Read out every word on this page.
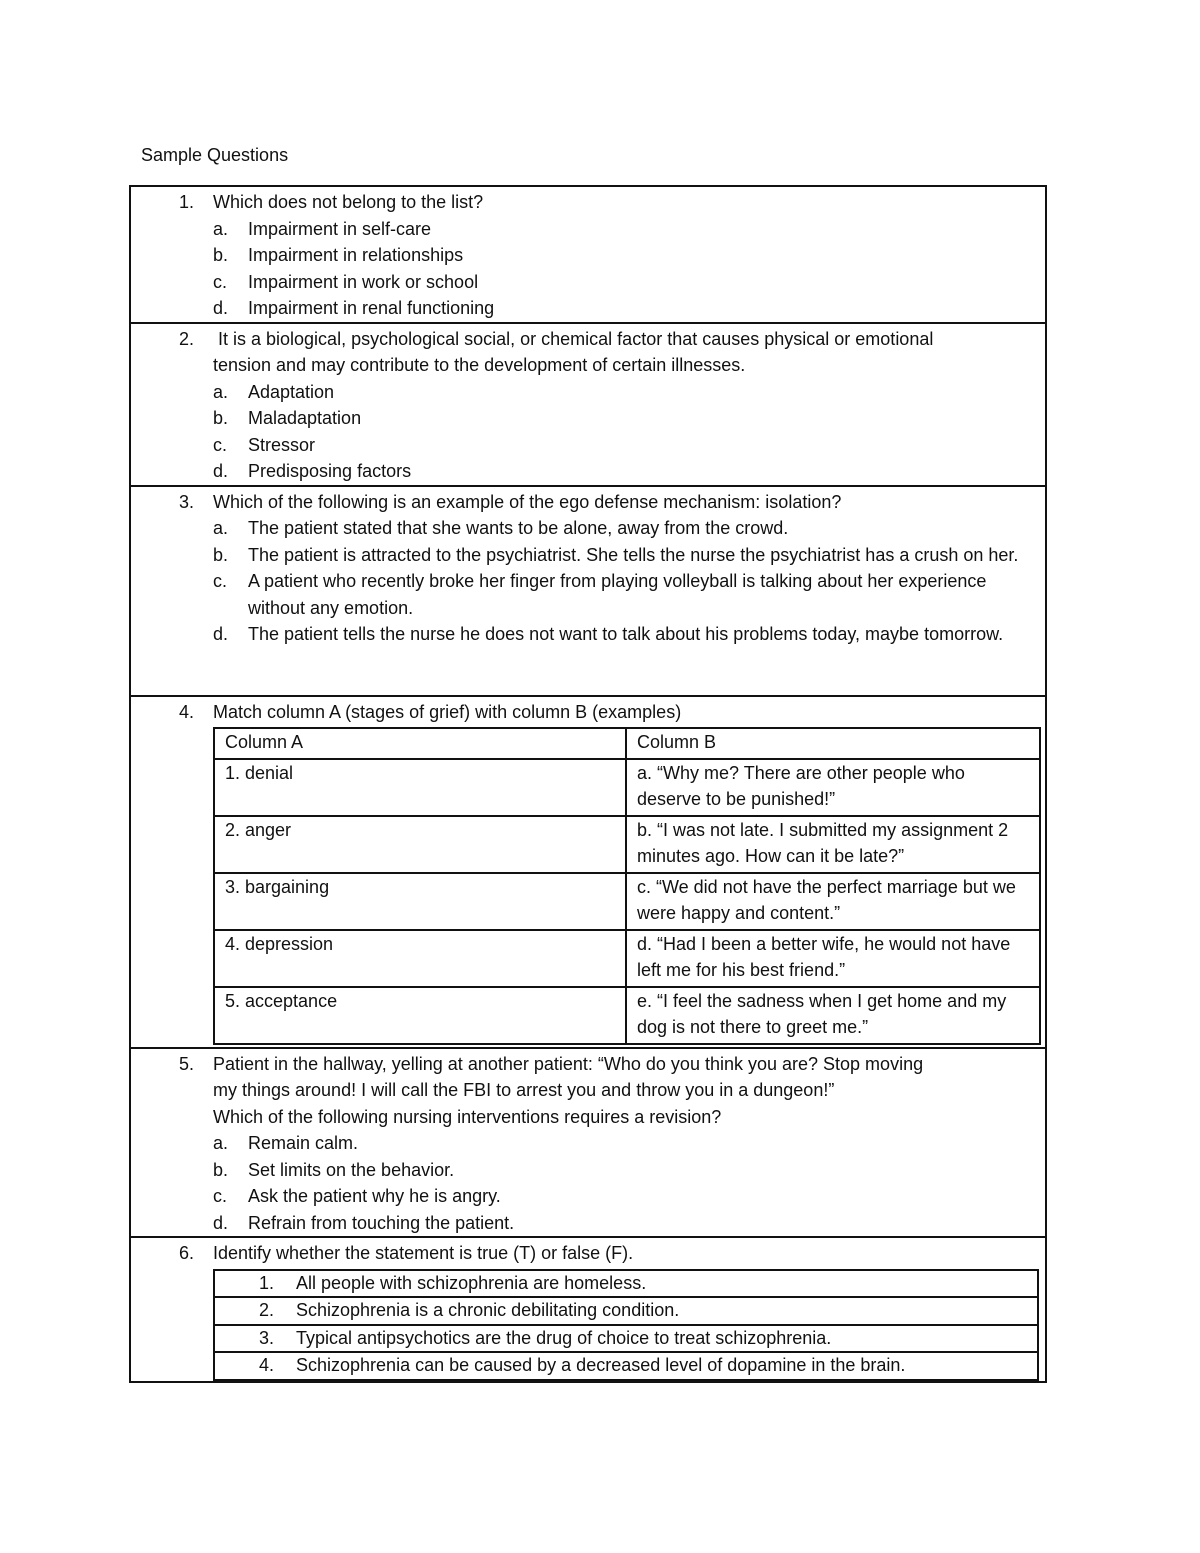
Sample Questions
1.	Which does not belong to the list?
a.	Impairment in self-care
b.	Impairment in relationships
c.	Impairment in work or school
d.	Impairment in renal functioning

2.	It is a biological, psychological social, or chemical factor that causes physical or emotional
tension and may contribute to the development of certain illnesses.
a.	Adaptation
b.	Maladaptation
c.	Stressor
d.	Predisposing factors

3.	Which of the following is an example of the ego defense mechanism: isolation?
a.	The patient stated that she wants to be alone, away from the crowd.
b.	The patient is attracted to the psychiatrist. She tells the nurse the psychiatrist has a crush on her.
c.	A patient who recently broke her finger from playing volleyball is talking about her experience without any emotion.
d.	The patient tells the nurse he does not want to talk about his problems today, maybe tomorrow.

4.	Match column A (stages of grief) with column B (examples)
Column A	Column B
1. denial	a. “Why me? There are other people who deserve to be punished!”
2. anger	b. “I was not late. I submitted my assignment 2 minutes ago. How can it be late?”
3. bargaining	c. “We did not have the perfect marriage but we were happy and content.”
4. depression	d. “Had I been a better wife, he would not have left me for his best friend.”
5. acceptance	e. “I feel the sadness when I get home and my dog is not there to greet me.”

5.	Patient in the hallway, yelling at another patient: “Who do you think you are? Stop moving
my things around! I will call the FBI to arrest you and throw you in a dungeon!”
Which of the following nursing interventions requires a revision?
a.	Remain calm.
b.	Set limits on the behavior.
c.	Ask the patient why he is angry.
d.	Refrain from touching the patient.

6.	Identify whether the statement is true (T) or false (F).
1. All people with schizophrenia are homeless.
2. Schizophrenia is a chronic debilitating condition.
3. Typical antipsychotics are the drug of choice to treat schizophrenia.
4. Schizophrenia can be caused by a decreased level of dopamine in the brain.
